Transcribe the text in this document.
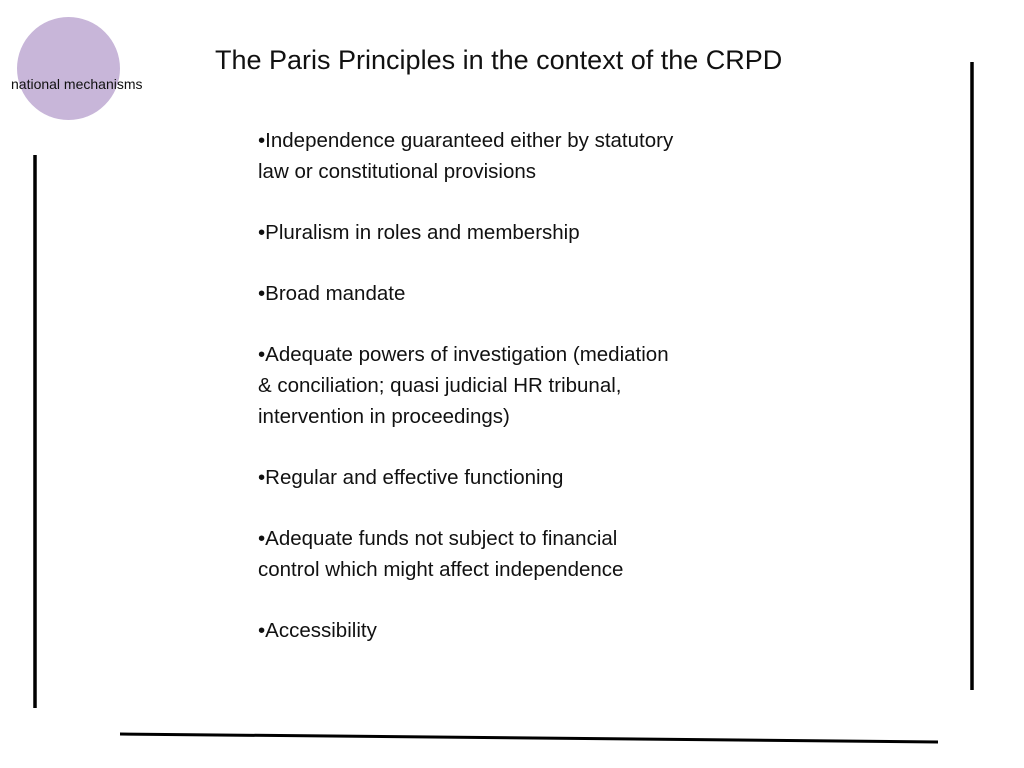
national mechanisms
The Paris Principles in the context of the CRPD
•Independence guaranteed either by statutory
law or constitutional provisions
•Pluralism in roles and membership
•Broad mandate
•Adequate powers of investigation (mediation
& conciliation; quasi judicial HR tribunal,
intervention in proceedings)
•Regular and effective functioning
•Adequate funds not subject to financial
control which might affect independence
•Accessibility
